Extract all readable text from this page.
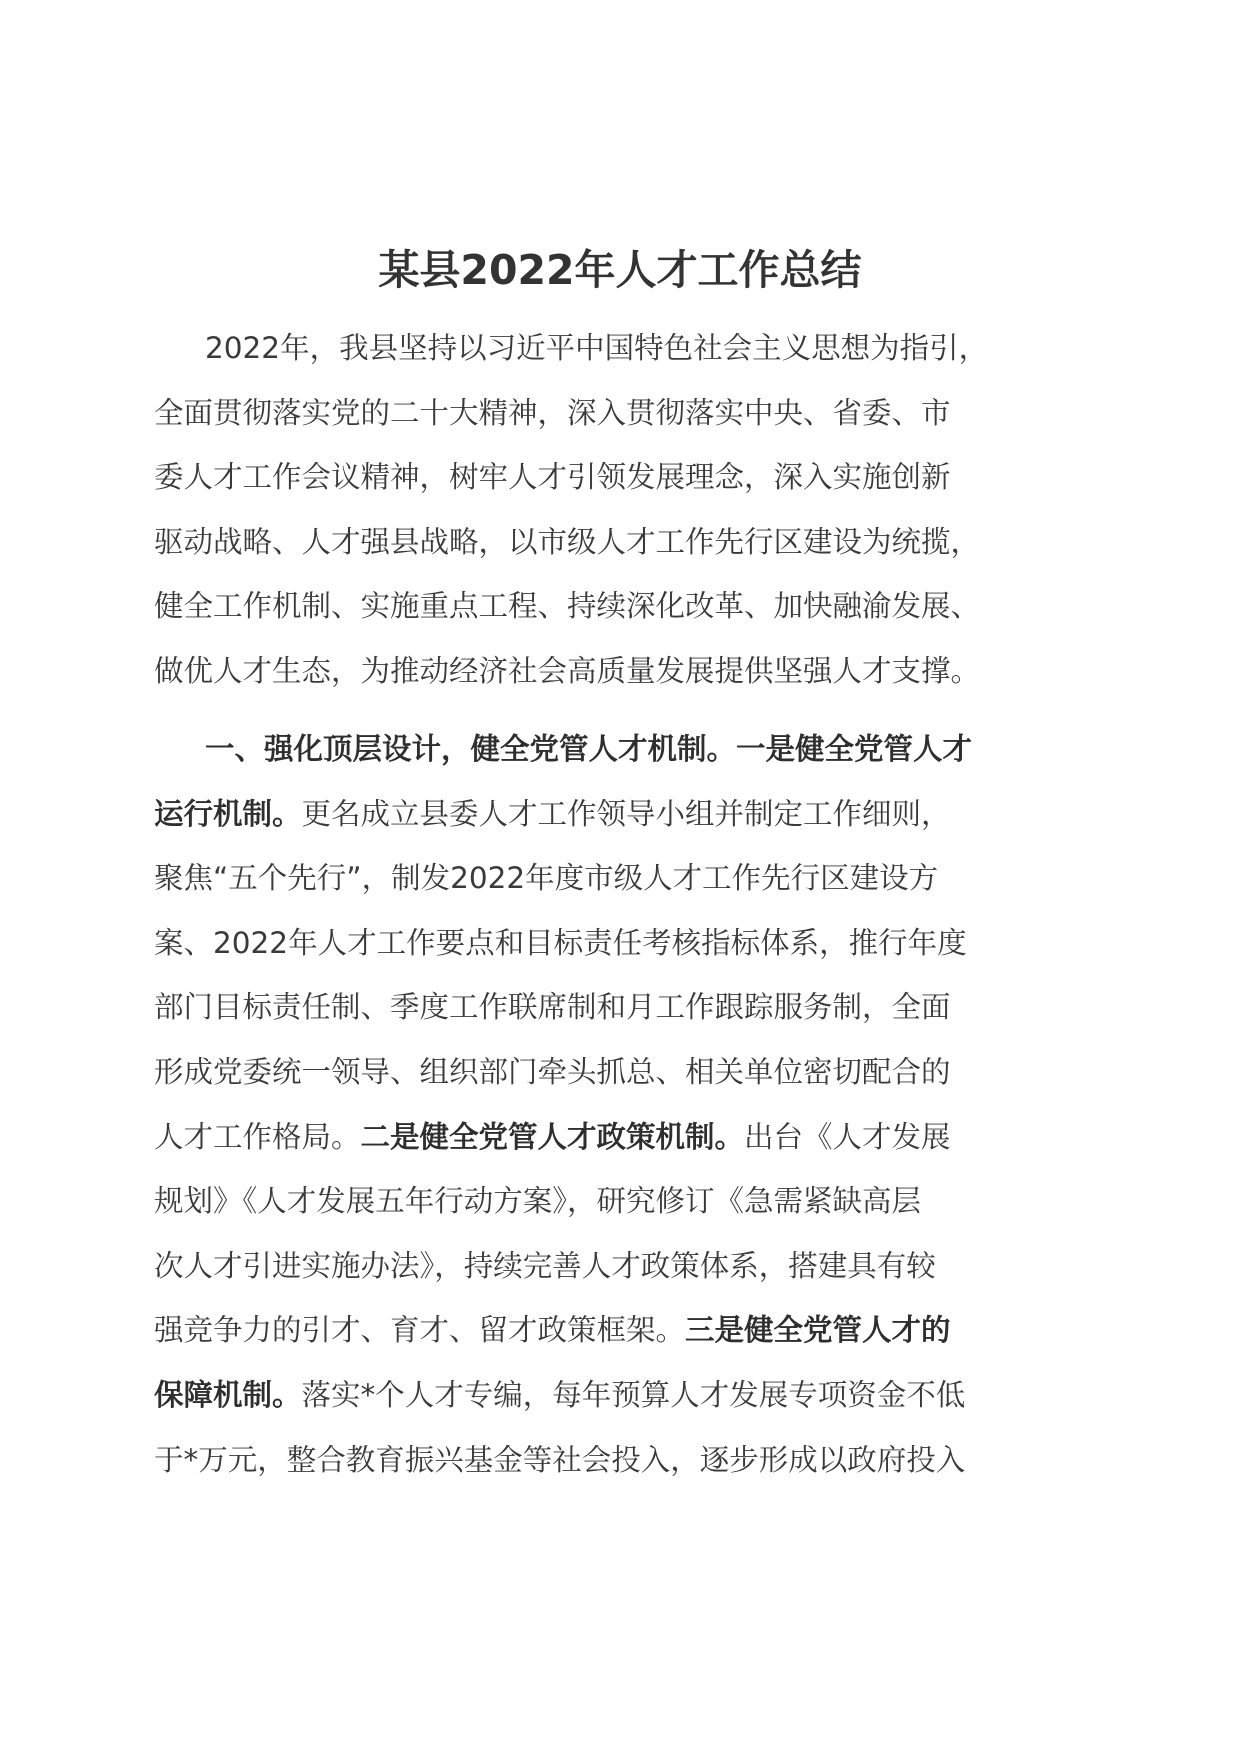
某县2022年人才工作总结
2022年，我县坚持以习近平中国特色社会主义思想为指引，
全面贯彻落实党的二十大精神，深入贯彻落实中央、省委、市
委人才工作会议精神，树牢人才引领发展理念，深入实施创新
驱动战略、人才强县战略，以市级人才工作先行区建设为统揽，
健全工作机制、实施重点工程、持续深化改革、加快融渝发展、
做优人才生态，为推动经济社会高质量发展提供坚强人才支撑。
一、强化顶层设计，健全党管人才机制。一是健全党管人才
运行机制。更名成立县委人才工作领导小组并制定工作细则，
聚焦“五个先行”，制发2022年度市级人才工作先行区建设方
案、2022年人才工作要点和目标责任考核指标体系，推行年度
部门目标责任制、季度工作联席制和月工作跟踪服务制，全面
形成党委统一领导、组织部门牵头抓总、相关单位密切配合的
人才工作格局。二是健全党管人才政策机制。出台《人才发展
规划》《人才发展五年行动方案》，研究修订《急需紧缺高层
次人才引进实施办法》，持续完善人才政策体系，搭建具有较
强竞争力的引才、育才、留才政策框架。三是健全党管人才的
保障机制。落实*个人才专编，每年预算人才发展专项资金不低
于*万元，整合教育振兴基金等社会投入，逐步形成以政府投入
